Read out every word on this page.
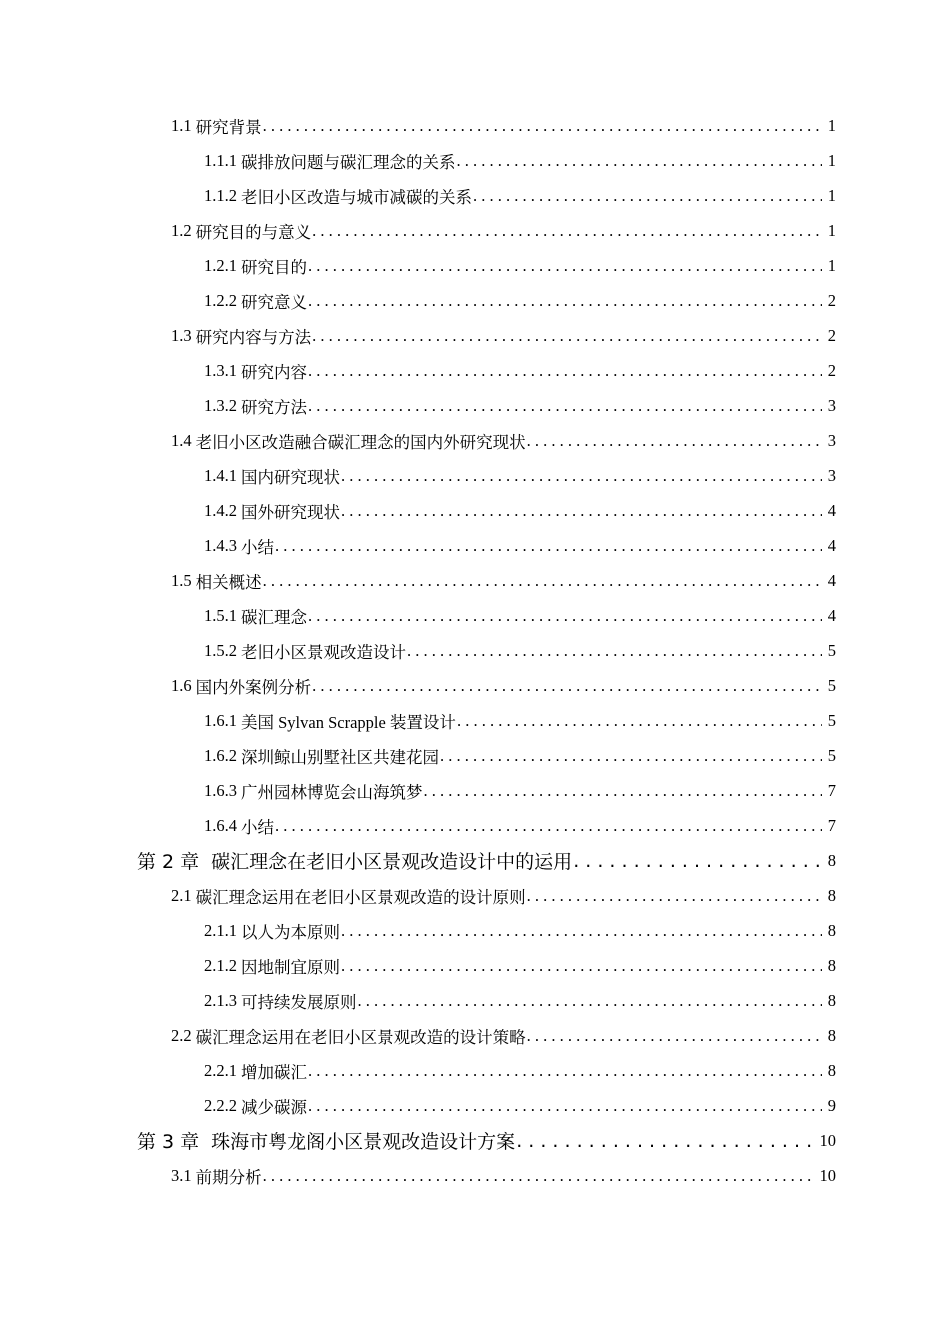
1.1 研究背景 . . .	1
1.1.1 碳排放问题与碳汇理念的关系 . . .	1
1.1.2 老旧小区改造与城市减碳的关系 . . .	1
1.2 研究目的与意义 . . .	1
1.2.1 研究目的 . . .	1
1.2.2 研究意义 . . .	2
1.3 研究内容与方法 . . .	2
1.3.1 研究内容 . . .	2
1.3.2 研究方法 . . .	3
1.4 老旧小区改造融合碳汇理念的国内外研究现状 . . .	3
1.4.1 国内研究现状 . . .	3
1.4.2 国外研究现状 . . .	4
1.4.3 小结 . . .	4
1.5 相关概述 . . .	4
1.5.1 碳汇理念 . . .	4
1.5.2 老旧小区景观改造设计 . . .	5
1.6 国内外案例分析 . . .	5
1.6.1 美国 Sylvan Scrapple 装置设计 . . .	5
1.6.2 深圳鲸山别墅社区共建花园 . . .	5
1.6.3 广州园林博览会山海筑梦 . . .	7
1.6.4 小结 . . .	7
第 2 章 碳汇理念在老旧小区景观改造设计中的运用 . . .	8
2.1 碳汇理念运用在老旧小区景观改造的设计原则 . . .	8
2.1.1 以人为本原则 . . .	8
2.1.2 因地制宜原则 . . .	8
2.1.3 可持续发展原则 . . .	8
2.2 碳汇理念运用在老旧小区景观改造的设计策略 . . .	8
2.2.1 增加碳汇 . . .	8
2.2.2 减少碳源 . . .	9
第 3 章 珠海市粤龙阁小区景观改造设计方案 . . .	10
3.1 前期分析 . . .	10
